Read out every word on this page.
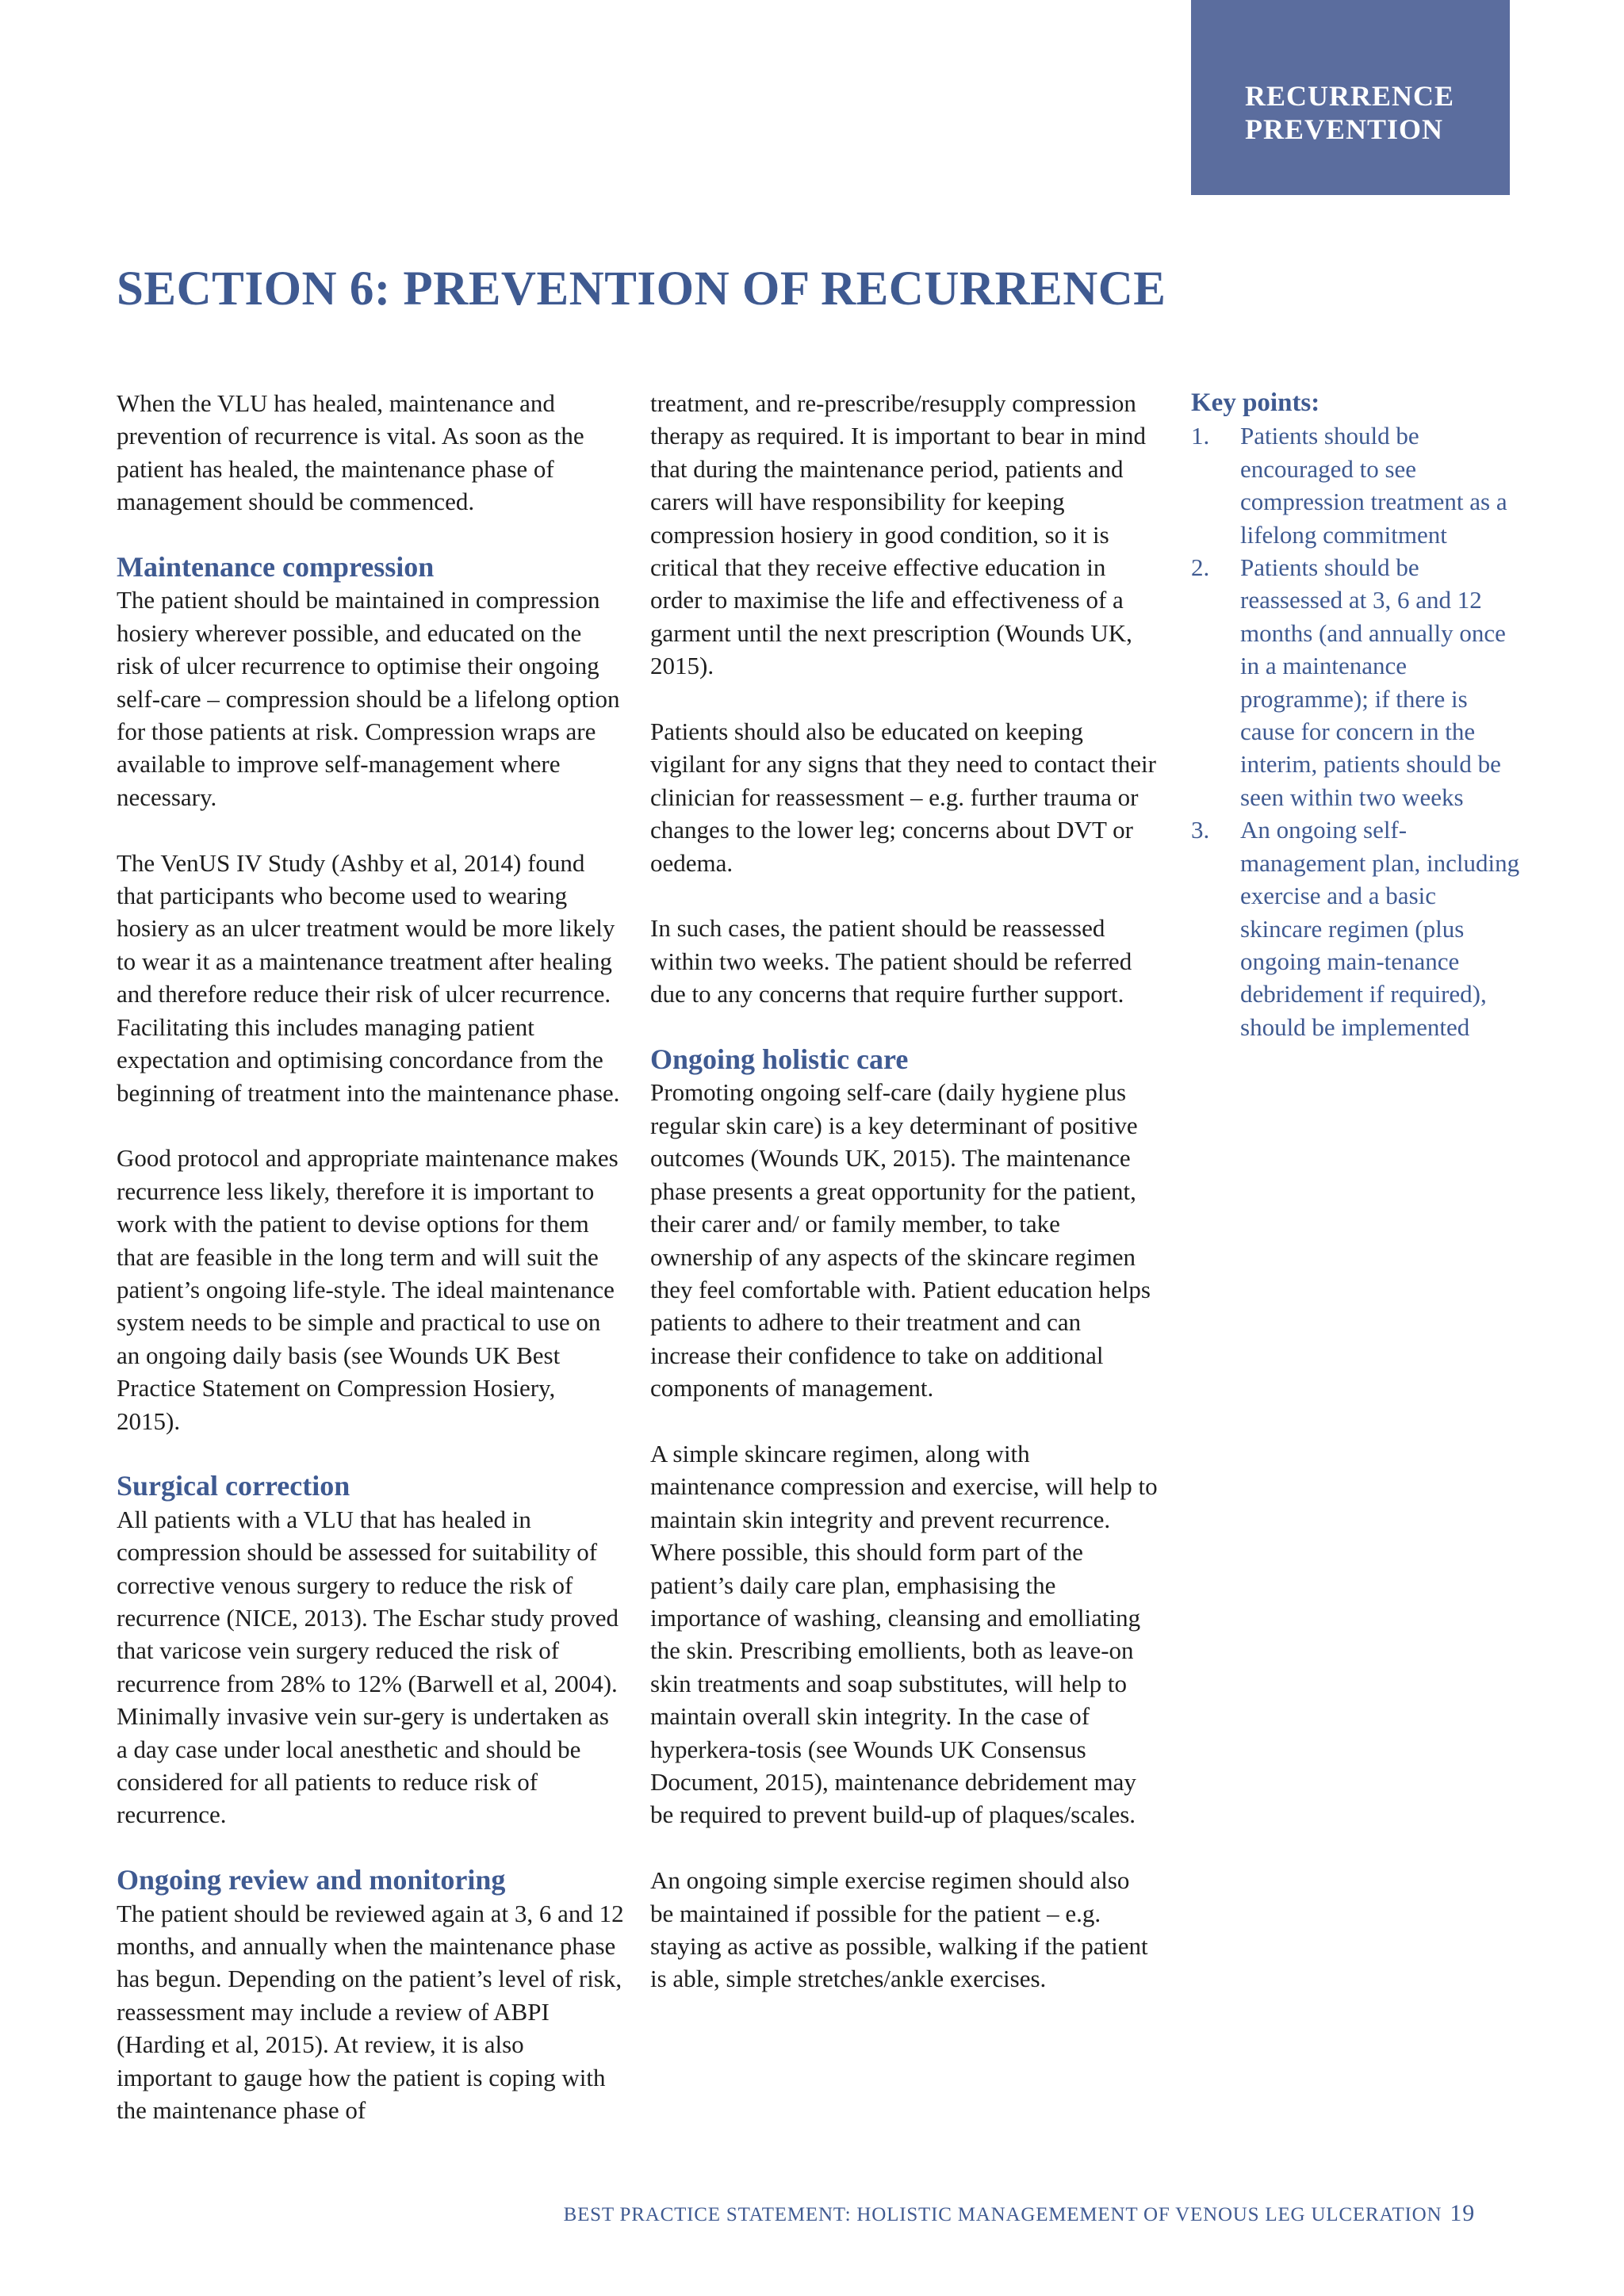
RECURRENCE
PREVENTION
SECTION 6: PREVENTION OF RECURRENCE

When the VLU has healed, maintenance and prevention of recurrence is vital. As soon as the patient has healed, the maintenance phase of management should be commenced.

Maintenance compression

The patient should be maintained in compression hosiery wherever possible, and educated on the risk of ulcer recurrence to optimise their ongoing self-care – compression should be a lifelong option for those patients at risk. Compression wraps are available to improve self-management where necessary.

The VenUS IV Study (Ashby et al, 2014) found that participants who become used to wearing hosiery as an ulcer treatment would be more likely to wear it as a maintenance treatment after healing and therefore reduce their risk of ulcer recurrence. Facilitating this includes managing patient expectation and optimising concordance from the beginning of treatment into the maintenance phase.

Good protocol and appropriate maintenance makes recurrence less likely, therefore it is important to work with the patient to devise options for them that are feasible in the long term and will suit the patient’s ongoing life-style. The ideal maintenance system needs to be simple and practical to use on an ongoing daily basis (see Wounds UK Best Practice Statement on Compression Hosiery, 2015).

Surgical correction

All patients with a VLU that has healed in compression should be assessed for suitability of corrective venous surgery to reduce the risk of recurrence (NICE, 2013). The Eschar study proved that varicose vein surgery reduced the risk of recurrence from 28% to 12% (Barwell et al, 2004). Minimally invasive vein sur-gery is undertaken as a day case under local anesthetic and should be considered for all patients to reduce risk of recurrence.

Ongoing review and monitoring

The patient should be reviewed again at 3, 6 and 12 months, and annually when the maintenance phase has begun. Depending on the patient’s level of risk, reassessment may include a review of ABPI (Harding et al, 2015). At review, it is also important to gauge how the patient is coping with the maintenance phase of

treatment, and re-prescribe/resupply compression therapy as required. It is important to bear in mind that during the maintenance period, patients and carers will have responsibility for keeping compression hosiery in good condition, so it is critical that they receive effective education in order to maximise the life and effectiveness of a garment until the next prescription (Wounds UK, 2015).

Patients should also be educated on keeping vigilant for any signs that they need to contact their clinician for reassessment – e.g. further trauma or changes to the lower leg; concerns about DVT or oedema.

In such cases, the patient should be reassessed within two weeks. The patient should be referred due to any concerns that require further support.

Ongoing holistic care

Promoting ongoing self-care (daily hygiene plus regular skin care) is a key determinant of positive outcomes (Wounds UK, 2015). The maintenance phase presents a great opportunity for the patient, their carer and/ or family member, to take ownership of any aspects of the skincare regimen they feel comfortable with. Patient education helps patients to adhere to their treatment and can increase their confidence to take on additional components of management.

A simple skincare regimen, along with maintenance compression and exercise, will help to maintain skin integrity and prevent recurrence. Where possible, this should form part of the patient’s daily care plan, emphasising the importance of washing, cleansing and emolliating the skin. Prescribing emollients, both as leave-on skin treatments and soap substitutes, will help to maintain overall skin integrity. In the case of hyperkera-tosis (see Wounds UK Consensus Document, 2015), maintenance debridement may be required to prevent build-up of plaques/scales.

An ongoing simple exercise regimen should also be maintained if possible for the patient – e.g. staying as active as possible, walking if the patient is able, simple stretches/ankle exercises.

Key points:
1. Patients should be encouraged to see compression treatment as a lifelong commitment
2. Patients should be reassessed at 3, 6 and 12 months (and annually once in a maintenance programme); if there is cause for concern in the interim, patients should be seen within two weeks
3. An ongoing self-management plan, including exercise and a basic skincare regimen (plus ongoing main-tenance debridement if required), should be implemented
BEST PRACTICE STATEMENT: HOLISTIC MANAGEMEMENT OF VENOUS LEG ULCERATION 19
